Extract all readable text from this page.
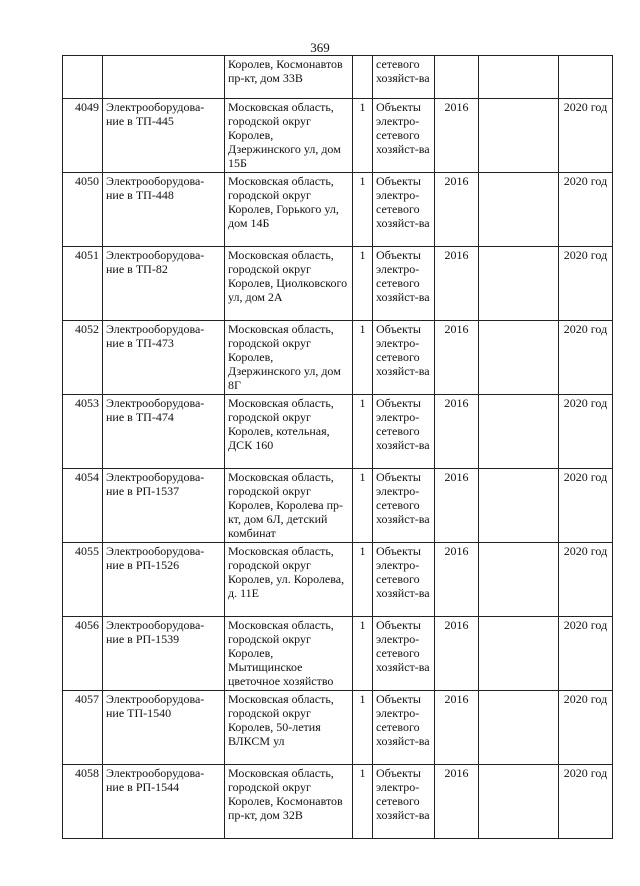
369
		Королев, Космонавтов пр-кт, дом 33В		сетевого хозяйст-ва			
4049	Электрооборудова-ние в ТП-445	Московская область, городской округ Королев, Дзержинского ул, дом 15Б	1	Объекты электро-сетевого хозяйст-ва	2016		2020 год
4050	Электрооборудова-ние в ТП-448	Московская область, городской округ Королев, Горького ул, дом 14Б	1	Объекты электро-сетевого хозяйст-ва	2016		2020 год
4051	Электрооборудова-ние в ТП-82	Московская область, городской округ Королев, Циолковского ул, дом 2А	1	Объекты электро-сетевого хозяйст-ва	2016		2020 год
4052	Электрооборудова-ние в ТП-473	Московская область, городской округ Королев, Дзержинского ул, дом 8Г	1	Объекты электро-сетевого хозяйст-ва	2016		2020 год
4053	Электрооборудова-ние в ТП-474	Московская область, городской округ Королев, котельная, ДСК 160	1	Объекты электро-сетевого хозяйст-ва	2016		2020 год
4054	Электрооборудова-ние в РП-1537	Московская область, городской округ Королев, Королева пр-кт, дом 6Л, детский комбинат	1	Объекты электро-сетевого хозяйст-ва	2016		2020 год
4055	Электрооборудова-ние в РП-1526	Московская область, городской округ Королев, ул. Королева, д. 11Е	1	Объекты электро-сетевого хозяйст-ва	2016		2020 год
4056	Электрооборудова-ние в РП-1539	Московская область, городской округ Королев, Мытищинское цветочное хозяйство	1	Объекты электро-сетевого хозяйст-ва	2016		2020 год
4057	Электрооборудова-ние ТП-1540	Московская область, городской округ Королев, 50-летия ВЛКСМ ул	1	Объекты электро-сетевого хозяйст-ва	2016		2020 год
4058	Электрооборудова-ние в РП-1544	Московская область, городской округ Королев, Космонавтов пр-кт, дом 32В	1	Объекты электро-сетевого хозяйст-ва	2016		2020 год
